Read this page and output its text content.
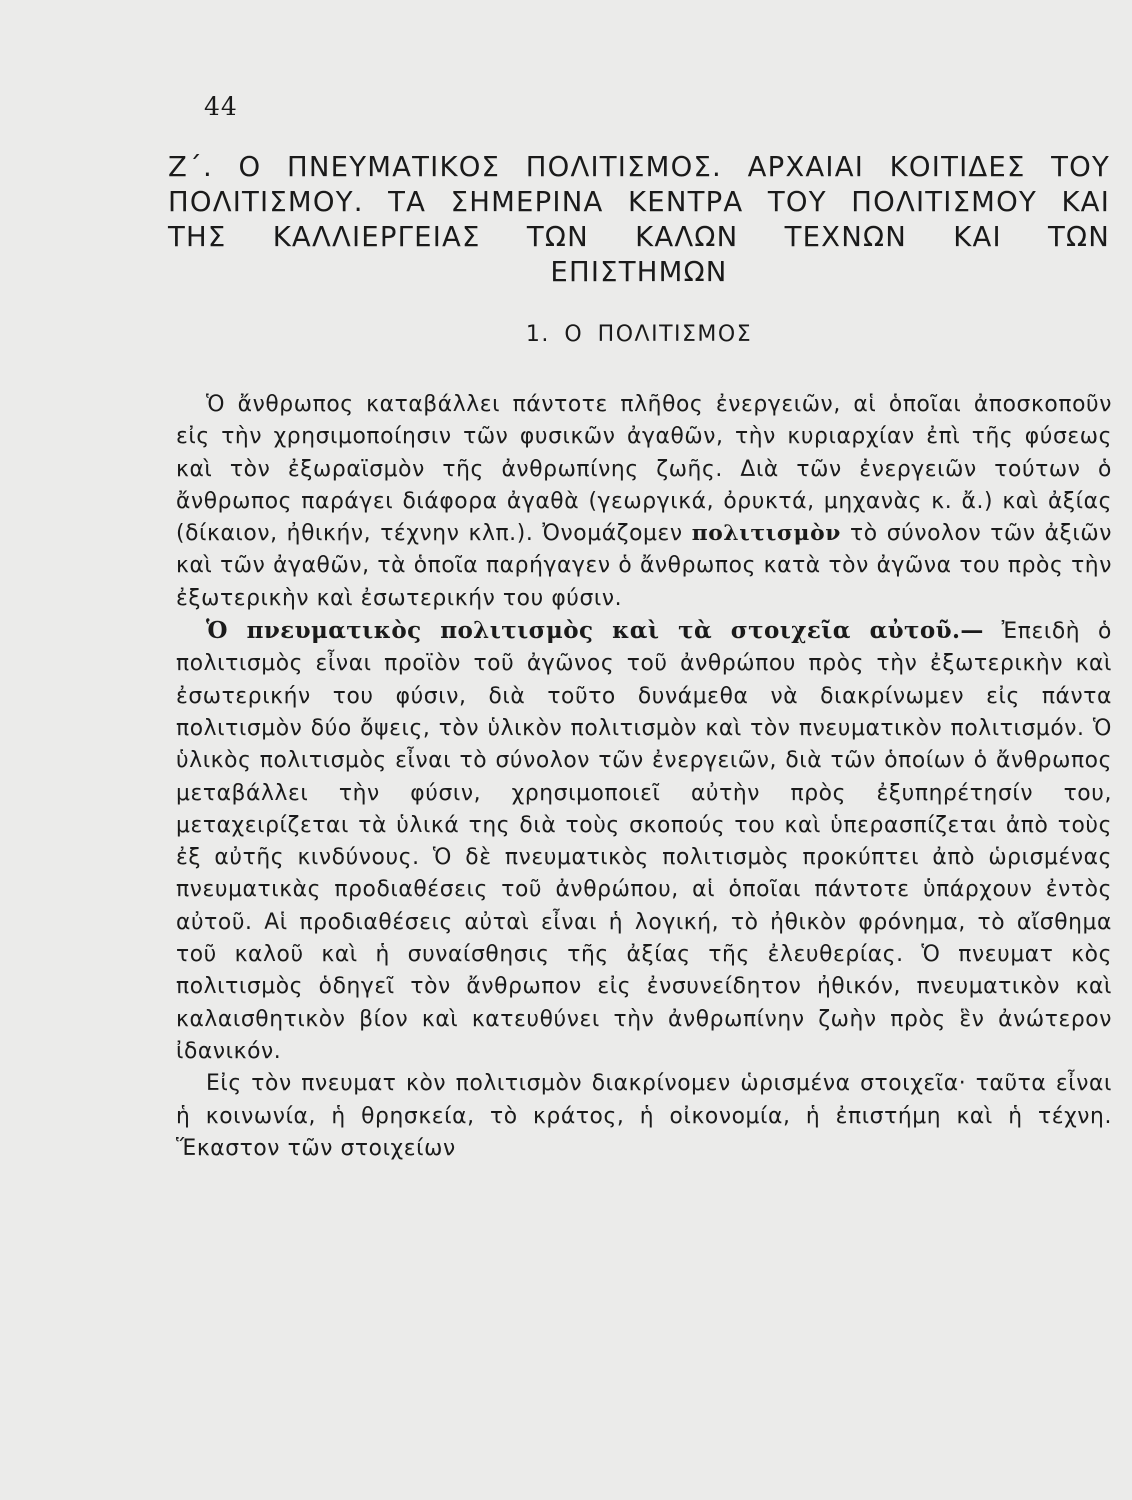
44
Ζ΄. Ο ΠΝΕΥΜΑΤΙΚΟΣ ΠΟΛΙΤΙΣΜΟΣ. ΑΡΧΑΙΑΙ ΚΟΙΤΙΔΕΣ ΤΟΥ ΠΟΛΙΤΙΣΜΟΥ. ΤΑ ΣΗΜΕΡΙΝΑ ΚΕΝΤΡΑ ΤΟΥ ΠΟΛΙΤΙΣΜΟΥ ΚΑΙ ΤΗΣ ΚΑΛΛΙΕΡΓΕΙΑΣ ΤΩΝ ΚΑΛΩΝ ΤΕΧΝΩΝ ΚΑΙ ΤΩΝ ΕΠΙΣΤΗΜΩΝ
1. Ο ΠΟΛΙΤΙΣΜΟΣ

Ὁ ἄνθρωπος καταβάλλει πάντοτε πλῆθος ἐνεργειῶν, αἱ ὁποῖαι ἀποσκοποῦν εἰς τὴν χρησιμοποίησιν τῶν φυσικῶν ἀγαθῶν, τὴν κυριαρχίαν ἐπὶ τῆς φύσεως καὶ τὸν ἐξωραϊσμὸν τῆς ἀνθρωπίνης ζωῆς. Διὰ τῶν ἐνεργειῶν τούτων ὁ ἄνθρωπος παράγει διάφορα ἀγαθὰ (γεωργικά, ὀρυκτά, μηχανὰς κ. ἄ.) καὶ ἀξίας (δίκαιον, ἠθικήν, τέχνην κλπ.). Ὀνομάζομεν πολιτισμὸν τὸ σύνολον τῶν ἀξιῶν καὶ τῶν ἀγαθῶν, τὰ ὁποῖα παρήγαγεν ὁ ἄνθρωπος κατὰ τὸν ἀγῶνα του πρὸς τὴν ἐξωτερικὴν καὶ ἐσωτερικήν του φύσιν.

Ὁ πνευματικὸς πολιτισμὸς καὶ τὰ στοιχεῖα αὐτοῦ.— Ἐπειδὴ ὁ πολιτισμὸς εἶναι προϊὸν τοῦ ἀγῶνος τοῦ ἀνθρώπου πρὸς τὴν ἐξωτερικὴν καὶ ἐσωτερικήν του φύσιν, διὰ τοῦτο δυνάμεθα νὰ διακρίνωμεν εἰς πάντα πολιτισμὸν δύο ὄψεις, τὸν ὑλικὸν πολιτισμὸν καὶ τὸν πνευματικὸν πολιτισμόν. Ὁ ὑλικὸς πολιτισμὸς εἶναι τὸ σύνολον τῶν ἐνεργειῶν, διὰ τῶν ὁποίων ὁ ἄνθρωπος μεταβάλλει τὴν φύσιν, χρησιμοποιεῖ αὐτὴν πρὸς ἐξυπηρέτησίν του, μεταχειρίζεται τὰ ὑλικά της διὰ τοὺς σκοπούς του καὶ ὑπερασπίζεται ἀπὸ τοὺς ἐξ αὐτῆς κινδύνους. Ὁ δὲ πνευματικὸς πολιτισμὸς προκύπτει ἀπὸ ὡρισμένας πνευματικὰς προδιαθέσεις τοῦ ἀνθρώπου, αἱ ὁποῖαι πάντοτε ὑπάρχουν ἐντὸς αὐτοῦ. Αἱ προδιαθέσεις αὐταὶ εἶναι ἡ λογική, τὸ ἠθικὸν φρόνημα, τὸ αἴσθημα τοῦ καλοῦ καὶ ἡ συναίσθησις τῆς ἀξίας τῆς ἐλευθερίας. Ὁ πνευματ κὸς πολιτισμὸς ὁδηγεῖ τὸν ἄνθρωπον εἰς ἐνσυνείδητον ἠθικόν, πνευματικὸν καὶ καλαισθητικὸν βίον καὶ κατευθύνει τὴν ἀνθρωπίνην ζωὴν πρὸς ἓν ἀνώτερον ἰδανικόν.

Εἰς τὸν πνευματ κὸν πολιτισμὸν διακρίνομεν ὡρισμένα στοιχεῖα· ταῦτα εἶναι ἡ κοινωνία, ἡ θρησκεία, τὸ κράτος, ἡ οἰκονομία, ἡ ἐπιστήμη καὶ ἡ τέχνη. Ἕκαστον τῶν στοιχείων
